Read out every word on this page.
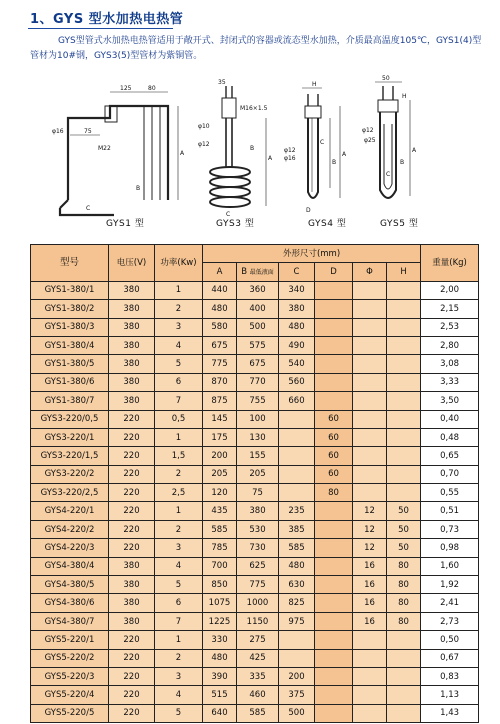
1、GYS 型水加热电热管
GYS型管式水加热电热管适用于敞开式、封闭式的容器或流态型水加热，介质最高温度105℃，GYS1(4)型管材为10#钢，GYS3(5)型管材为紫铜管。
125	80
φ16	75
M22
A
B
C
35
M16×1.5
φ10
φ12
A
B
C
H
φ12
φ16
A
B
C
D
50
H
φ12
φ25
A
B
C
GYS1 型	GYS3 型	GYS4 型	GYS5 型
型号	电压(V)	功率(Kw)	外形尺寸(mm)						重量(Kg)
			A	B 最低液面	C	D	Φ	H	
GYS1-380/1	380	1	440	360	340				2,00
GYS1-380/2	380	2	480	400	380				2,15
GYS1-380/3	380	3	580	500	480				2,53
GYS1-380/4	380	4	675	575	490				2,80
GYS1-380/5	380	5	775	675	540				3,08
GYS1-380/6	380	6	870	770	560				3,33
GYS1-380/7	380	7	875	755	660				3,50
GYS3-220/0,5	220	0,5	145	100		60			0,40
GYS3-220/1	220	1	175	130		60			0,48
GYS3-220/1,5	220	1,5	200	155		60			0,65
GYS3-220/2	220	2	205	205		60			0,70
GYS3-220/2,5	220	2,5	120	75		80			0,55
GYS4-220/1	220	1	435	380	235		12	50	0,51
GYS4-220/2	220	2	585	530	385		12	50	0,73
GYS4-220/3	220	3	785	730	585		12	50	0,98
GYS4-380/4	380	4	700	625	480		16	80	1,60
GYS4-380/5	380	5	850	775	630		16	80	1,92
GYS4-380/6	380	6	1075	1000	825		16	80	2,41
GYS4-380/7	380	7	1225	1150	975		16	80	2,73
GYS5-220/1	220	1	330	275					0,50
GYS5-220/2	220	2	480	425					0,67
GYS5-220/3	220	3	390	335	200				0,83
GYS5-220/4	220	4	515	460	375				1,13
GYS5-220/5	220	5	640	585	500				1,43
